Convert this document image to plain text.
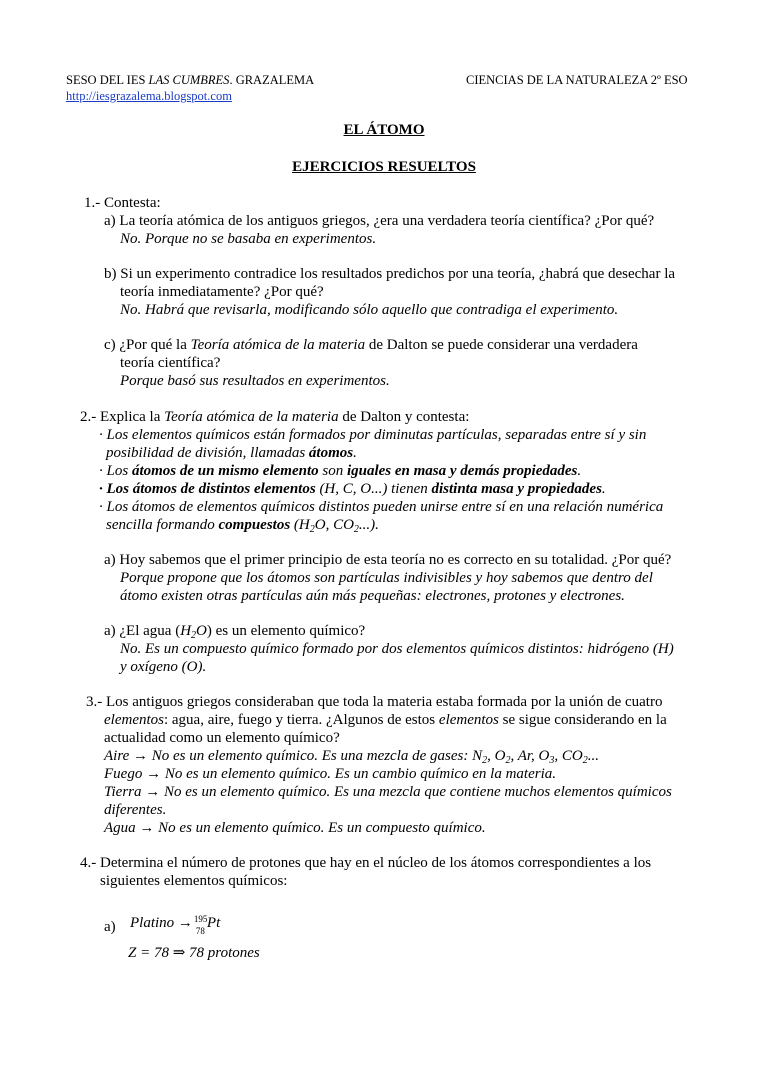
SESO DEL IES LAS CUMBRES. GRAZALEMA	CIENCIAS DE LA NATURALEZA 2º ESO
http://iesgrazalema.blogspot.com
EL ÁTOMO
EJERCICIOS RESUELTOS
1.- Contesta:
a) La teoría atómica de los antiguos griegos, ¿era una verdadera teoría científica? ¿Por qué?
No. Porque no se basaba en experimentos.
b) Si un experimento contradice los resultados predichos por una teoría, ¿habrá que desechar la
teoría inmediatamente? ¿Por qué?
No. Habrá que revisarla, modificando sólo aquello que contradiga el experimento.
c) ¿Por qué la Teoría atómica de la materia de Dalton se puede considerar una verdadera
teoría científica?
Porque basó sus resultados en experimentos.
2.- Explica la Teoría atómica de la materia de Dalton y contesta:
· Los elementos químicos están formados por diminutas partículas, separadas entre sí y sin
posibilidad de división, llamadas átomos.
· Los átomos de un mismo elemento son iguales en masa y demás propiedades.
· Los átomos de distintos elementos (H, C, O...) tienen distinta masa y propiedades.
· Los átomos de elementos químicos distintos pueden unirse entre sí en una relación numérica
sencilla formando compuestos ($H_2O$, $CO_2$...).
a) Hoy sabemos que el primer principio de esta teoría no es correcto en su totalidad. ¿Por qué?
Porque propone que los átomos son partículas indivisibles y hoy sabemos que dentro del
átomo existen otras partículas aún más pequeñas: electrones, protones y electrones.
a) ¿El agua $(H_2O)$ es un elemento químico?
No. Es un compuesto químico formado por dos elementos químicos distintos: hidrógeno (H)
y oxígeno (O).
3.- Los antiguos griegos consideraban que toda la materia estaba formada por la unión de cuatro
elementos: agua, aire, fuego y tierra. ¿Algunos de estos elementos se sigue considerando en la
actualidad como un elemento químico?
Aire → No es un elemento químico. Es una mezcla de gases: $N_2$, $O_2$, Ar, $O_3$, $CO_2$...
Fuego → No es un elemento químico. Es un cambio químico en la materia.
Tierra → No es un elemento químico. Es una mezcla que contiene muchos elementos químicos
diferentes.
Agua → No es un elemento químico. Es un compuesto químico.
4.- Determina el número de protones que hay en el núcleo de los átomos correspondientes a los
siguientes elementos químicos:
a) Platino → 195
78 Pt
Z = 78 ⇒ 78 protones
